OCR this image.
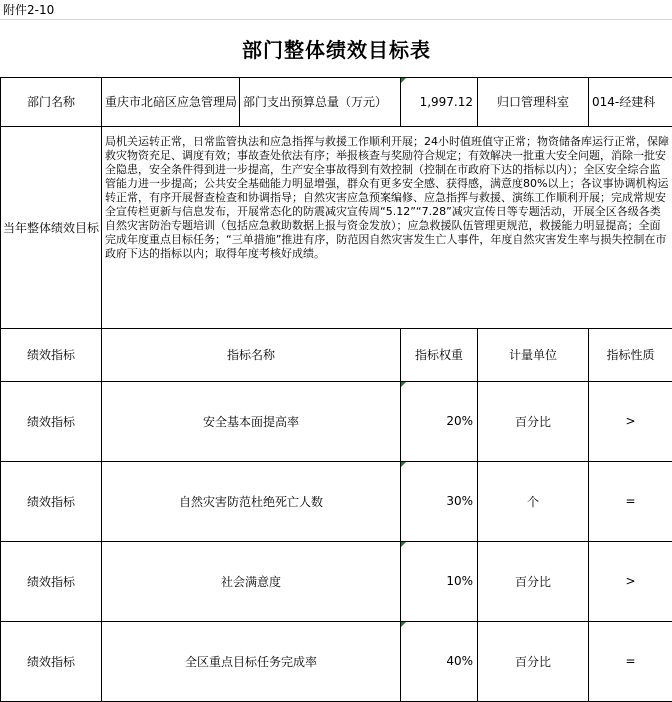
附件2-10
部门整体绩效目标表						
部门名称	重庆市北碚区应急管理局	部门支出预算总量（万元）	1,997.12	归口管理科室	014-经建科	
当年整体绩效目标	局机关运转正常，日常监管执法和应急指挥与救援工作顺利开展；24小时值班值守正常；物资储备库运行正常，保障救灾物资充足、调度有效；事故查处依法有序；举报核查与奖励符合规定；有效解决一批重大安全问题，消除一批安全隐患，安全条件得到进一步提高，生产安全事故得到有效控制（控制在市政府下达的指标以内）；全区安全综合监管能力进一步提高；公共安全基础能力明显增强，群众有更多安全感、获得感，满意度80%以上；各议事协调机构运转正常，有序开展督查检查和协调指导；自然灾害应急预案编修、应急指挥与救援、演练工作顺利开展；完成常规安全宣传栏更新与信息发布，开展常态化的防震减灾宣传周“5.12”“7.28”减灾宣传日等专题活动，开展全区各级各类自然灾害防治专题培训（包括应急救助数据上报与资金发放）；应急救援队伍管理更规范，救援能力明显提高；全面完成年度重点目标任务；“三单措施”推进有序，防范因自然灾害发生亡人事件，年度自然灾害发生率与损失控制在市政府下达的指标以内；取得年度考核好成绩。					
绩效指标	指标名称		指标权重	计量单位	指标性质	
绩效指标	安全基本面提高率		20%	百分比	>	
绩效指标	自然灾害防范杜绝死亡人数		30%	个	=	
绩效指标	社会满意度		10%	百分比	>	
绩效指标	全区重点目标任务完成率		40%	百分比	=	
